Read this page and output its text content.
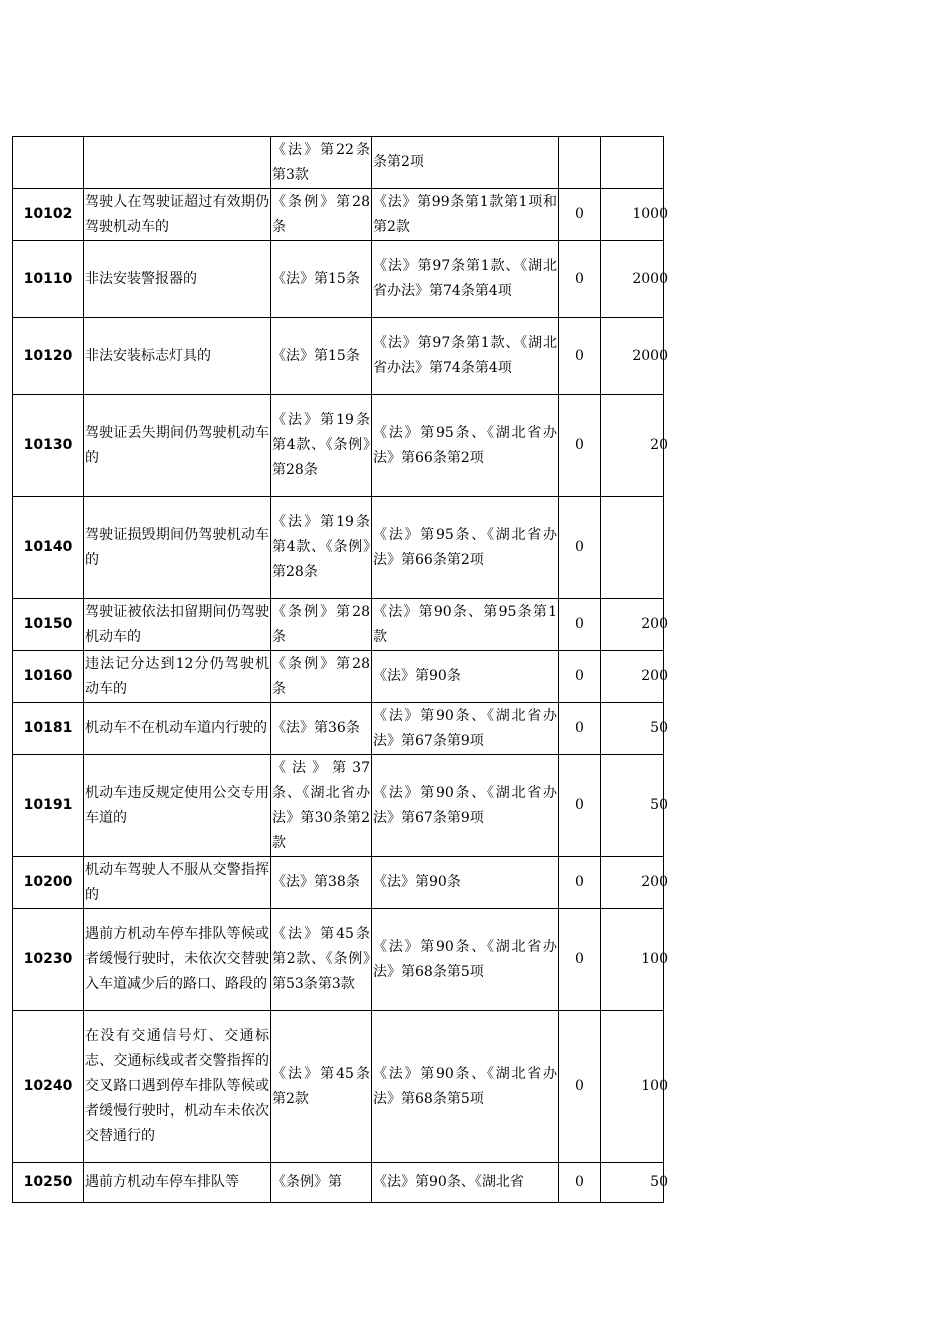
		《法》第22条第3款	条第2项		
10102	驾驶人在驾驶证超过有效期仍驾驶机动车的	《条例》第28条	《法》第99条第1款第1项和第2款	0	1000
10110	非法安装警报器的	《法》第15条	《法》第97条第1款、《湖北省办法》第74条第4项	0	2000
10120	非法安装标志灯具的	《法》第15条	《法》第97条第1款、《湖北省办法》第74条第4项	0	2000
10130	驾驶证丢失期间仍驾驶机动车的	《法》第19条第4款、《条例》第28条	《法》第95条、《湖北省办法》第66条第2项	0	20
10140	驾驶证损毁期间仍驾驶机动车的	《法》第19条第4款、《条例》第28条	《法》第95条、《湖北省办法》第66条第2项	0	
10150	驾驶证被依法扣留期间仍驾驶机动车的	《条例》第28条	《法》第90条、第95条第1款	0	200
10160	违法记分达到12分仍驾驶机动车的	《条例》第28条	《法》第90条	0	200
10181	机动车不在机动车道内行驶的	《法》第36条	《法》第90条、《湖北省办法》第67条第9项	0	50
10191	机动车违反规定使用公交专用车道的	《法》第37条、《湖北省办法》第30条第2款	《法》第90条、《湖北省办法》第67条第9项	0	50
10200	机动车驾驶人不服从交警指挥的	《法》第38条	《法》第90条	0	200
10230	遇前方机动车停车排队等候或者缓慢行驶时，未依次交替驶入车道减少后的路口、路段的	《法》第45条第2款、《条例》第53条第3款	《法》第90条、《湖北省办法》第68条第5项	0	100
10240	在没有交通信号灯、交通标志、交通标线或者交警指挥的交叉路口遇到停车排队等候或者缓慢行驶时，机动车未依次交替通行的	《法》第45条第2款	《法》第90条、《湖北省办法》第68条第5项	0	100
10250	遇前方机动车停车排队等	《条例》第	《法》第90条、《湖北省	0	50
